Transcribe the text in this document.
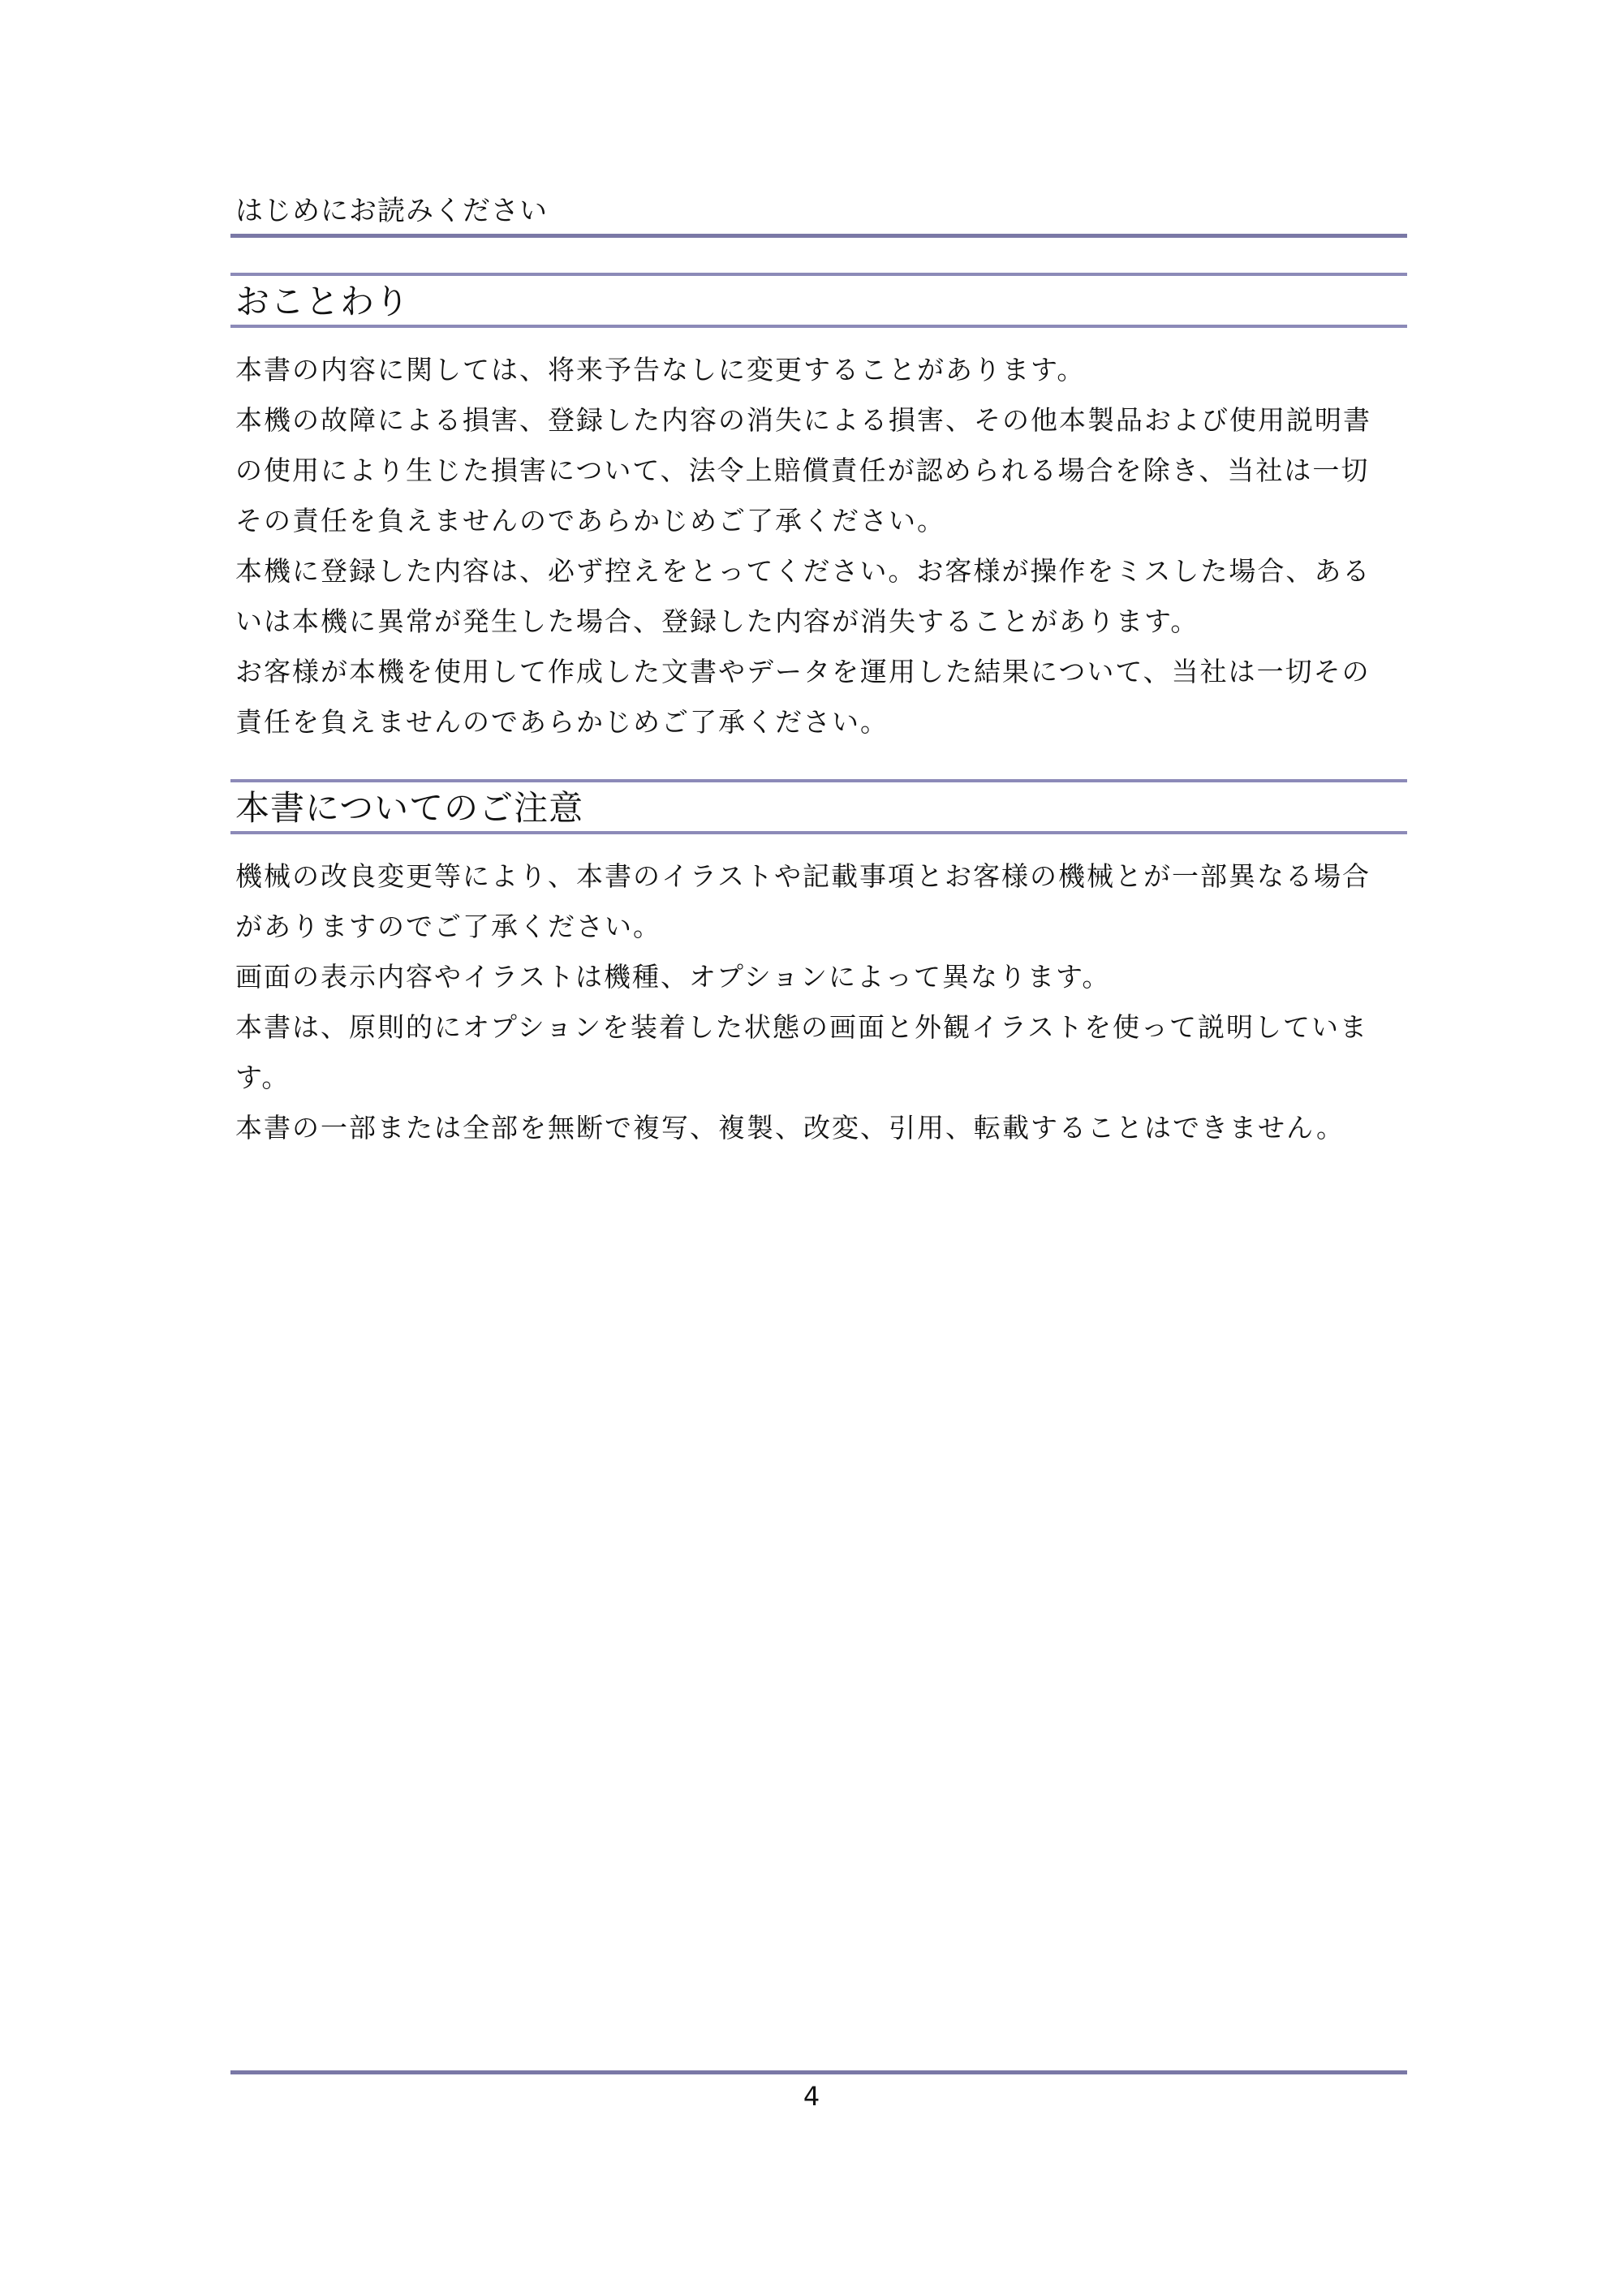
はじめにお読みください
おことわり
本書の内容に関しては、将来予告なしに変更することがあります。
本機の故障による損害、登録した内容の消失による損害、その他本製品および使用説明書
の使用により生じた損害について、法令上賠償責任が認められる場合を除き、当社は一切
その責任を負えませんのであらかじめご了承ください。
本機に登録した内容は、必ず控えをとってください。お客様が操作をミスした場合、ある
いは本機に異常が発生した場合、登録した内容が消失することがあります。
お客様が本機を使用して作成した文書やデータを運用した結果について、当社は一切その
責任を負えませんのであらかじめご了承ください。
本書についてのご注意
機械の改良変更等により、本書のイラストや記載事項とお客様の機械とが一部異なる場合
がありますのでご了承ください。
画面の表示内容やイラストは機種、オプションによって異なります。
本書は、原則的にオプションを装着した状態の画面と外観イラストを使って説明していま
す。
本書の一部または全部を無断で複写、複製、改変、引用、転載することはできません。
4
